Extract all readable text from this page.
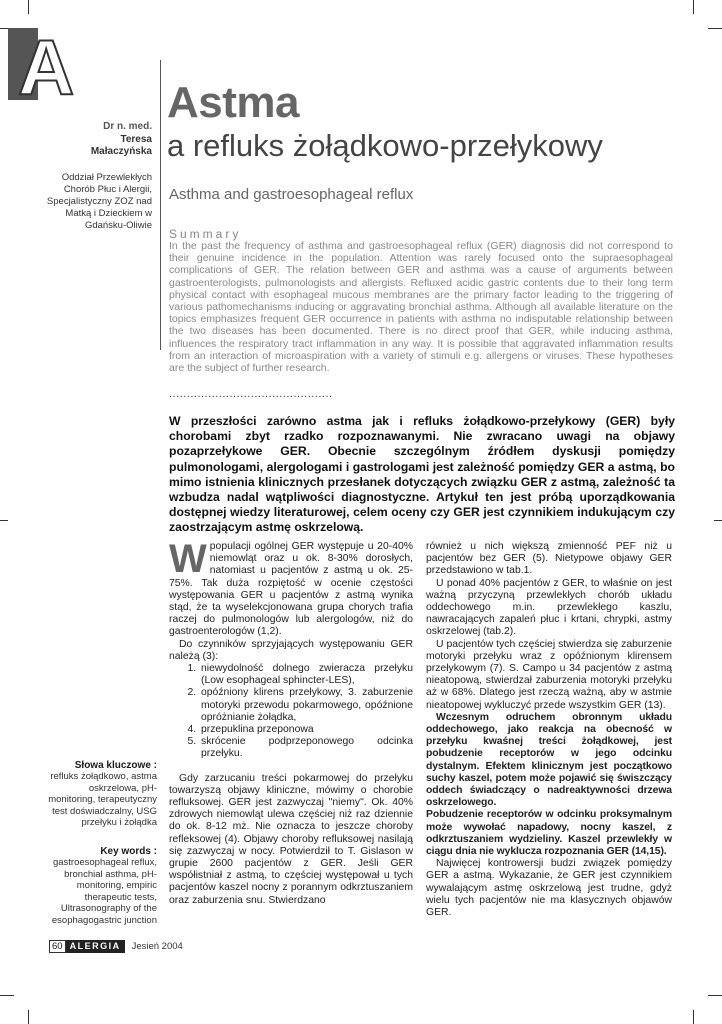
A
Dr n. med.
Teresa
Małaczyńska
Oddział Przewlekłych Chorób Płuc i Alergii, Specjalistyczny ZOZ nad Matką i Dzieckiem w Gdańsku-Oliwie
Astma
a refluks żołądkowo-przełykowy
Asthma and gastroesophageal reflux
Summary
In the past the frequency of asthma and gastroesophageal reflux (GER) diagnosis did not correspond to their genuine incidence in the population. Attention was rarely focused onto the supraesophageal complications of GER. The relation between GER and asthma was a cause of arguments between gastroenterologists, pulmonologists and allergists. Refluxed acidic gastric contents due to their long term physical contact with esophageal mucous membranes are the primary factor leading to the triggering of various pathomechanisms inducing or aggravating bronchial asthma. Although all available literature on the topics emphasizes frequent GER occurrence in patients with asthma no indisputable relationship between the two diseases has been documented. There is no direct proof that GER, while inducing asthma, influences the respiratory tract inflammation in any way. It is possible that aggravated inflammation results from an interaction of microaspiration with a variety of stimuli e.g. allergens or viruses. These hypotheses are the subject of further research.
..............................................
W przeszłości zarówno astma jak i refluks żołądkowo-przełykowy (GER) były chorobami zbyt rzadko rozpoznawanymi. Nie zwracano uwagi na objawy pozaprzełykowe GER. Obecnie szczególnym źródłem dyskusji pomiędzy pulmonologami, alergologami i gastrologami jest zależność pomiędzy GER a astmą, bo mimo istnienia klinicznych przesłanek dotyczących związku GER z astmą, zależność ta wzbudza nadal wątpliwości diagnostyczne. Artykuł ten jest próbą uporządkowania dostępnej wiedzy literaturowej, celem oceny czy GER jest czynnikiem indukującym czy zaostrzającym astmę oskrzelową.
W populacji ogólnej GER występuje u 20-40% niemowląt oraz u ok. 8-30% dorosłych, natomiast u pacjentów z astmą u ok. 25-75%. Tak duża rozpiętość w ocenie częstości występowania GER u pacjentów z astmą wynika stąd, że ta wyselekcjonowana grupa chorych trafia raczej do pulmonologów lub alergologów, niż do gastroenterologów (1,2).

Do czynników sprzyjających występowaniu GER należą (3):

1. niewydolność dolnego zwieracza przełyku (Low esophageal sphincter-LES),
2. opóźniony klirens przełykowy, 3. zaburzenie motoryki przewodu pokarmowego, opóźnione opróżnianie żołądka,
4. przepuklina przeponowa
5. skrócenie podprzeponowego odcinka przełyku.

Gdy zarzucaniu treści pokarmowej do przełyku towarzyszą objawy kliniczne, mówimy o chorobie refluksowej. GER jest zazwyczaj "niemy". Ok. 40% zdrowych niemowląt ulewa częściej niż raz dziennie do ok. 8-12 mż. Nie oznacza to jeszcze choroby refleksowej (4). Objawy choroby refluksowej nasilają się zazwyczaj w nocy. Potwierdził to T. Gislason w grupie 2600 pacjentów z GER. Jeśli GER współistniał z astmą, to częściej występował u tych pacjentów kaszel nocny z porannym odkrztuszaniem oraz zaburzenia snu. Stwierdzano

również u nich większą zmienność PEF niż u pacjentów bez GER (5). Nietypowe objawy GER przedstawiono w tab.1.

U ponad 40% pacjentów z GER, to właśnie on jest ważną przyczyną przewlekłych chorób układu oddechowego m.in. przewlekłego kaszlu, nawracających zapaleń płuc i krtani, chrypki, astmy oskrzelowej (tab.2).

U pacjentów tych częściej stwierdza się zaburzenie motoryki przełyku wraz z opóźnionym klirensem przełykowym (7). S. Campo u 34 pacjentów z astmą nieatopową, stwierdzał zaburzenia motoryki przełyku aż w 68%. Dlatego jest rzeczą ważną, aby w astmie nieatopowej wykluczyć przede wszystkim GER (13).

Wczesnym odruchem obronnym układu oddechowego, jako reakcja na obecność w przełyku kwaśnej treści żołądkowej, jest pobudzenie receptorów w jego odcinku dystalnym. Efektem klinicznym jest początkowo suchy kaszel, potem może pojawić się świszczący oddech świadczący o nadreaktywności drzewa oskrzelowego.

Pobudzenie receptorów w odcinku proksymalnym może wywołać napadowy, nocny kaszel, z odkrztuszaniem wydzieliny. Kaszel przewlekły w ciągu dnia nie wyklucza rozpoznania GER (14,15).

Najwięcej kontrowersji budzi związek pomiędzy GER a astmą. Wykazanie, że GER jest czynnikiem wywalającym astmę oskrzelową jest trudne, gdyż wielu tych pacjentów nie ma klasycznych objawów GER.

Słowa kluczowe :
refluks żołądkowo, astma oskrzelowa, pH-monitoring, terapeutyczny test doświadczalny, USG przełyku i żołądka
Key words :
gastroesophageal reflux, bronchial asthma, pH-monitoring, empiric therapeutic tests, Ultrasonography of the esophagogastric junction
60 ALERGIA	Jesień 2004
